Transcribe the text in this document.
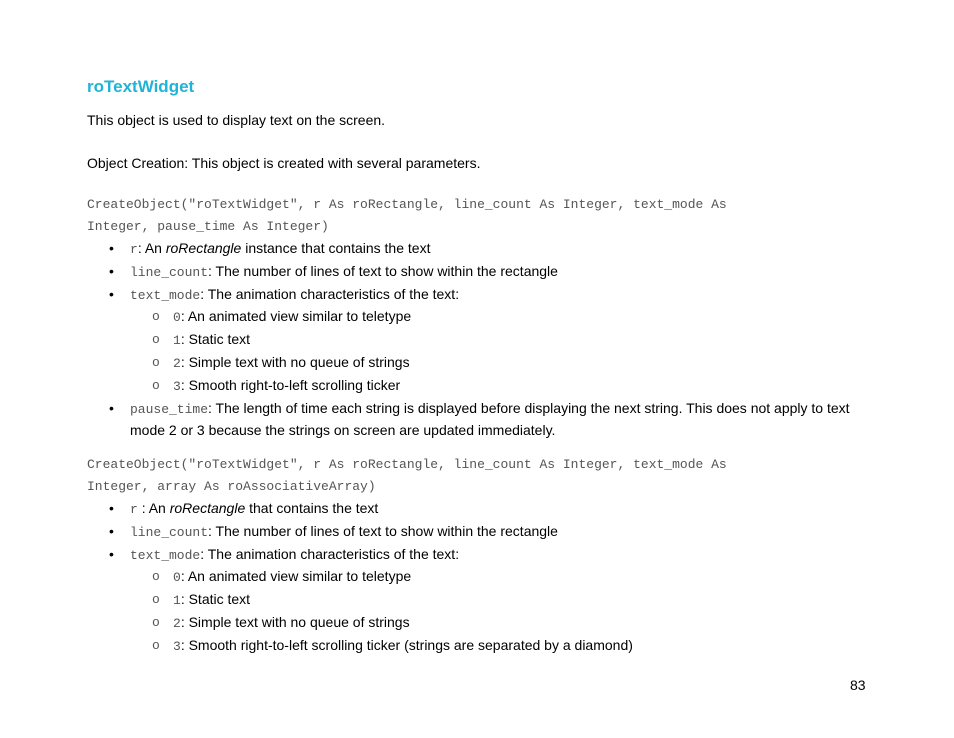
roTextWidget

This object is used to display text on the screen.

Object Creation: This object is created with several parameters.

CreateObject("roTextWidget", r As roRectangle, line_count As Integer, text_mode As
Integer, pause_time As Integer)
• r: An roRectangle instance that contains the text
• line_count: The number of lines of text to show within the rectangle
• text_mode: The animation characteristics of the text:
o 0: An animated view similar to teletype
o 1: Static text
o 2: Simple text with no queue of strings
o 3: Smooth right-to-left scrolling ticker
• pause_time: The length of time each string is displayed before displaying the next string. This does not apply to text mode 2 or 3 because the strings on screen are updated immediately.
CreateObject("roTextWidget", r As roRectangle, line_count As Integer, text_mode As
Integer, array As roAssociativeArray)
• r : An roRectangle that contains the text
• line_count: The number of lines of text to show within the rectangle
• text_mode: The animation characteristics of the text:
o 0: An animated view similar to teletype
o 1: Static text
o 2: Simple text with no queue of strings
o 3: Smooth right-to-left scrolling ticker (strings are separated by a diamond)
83
